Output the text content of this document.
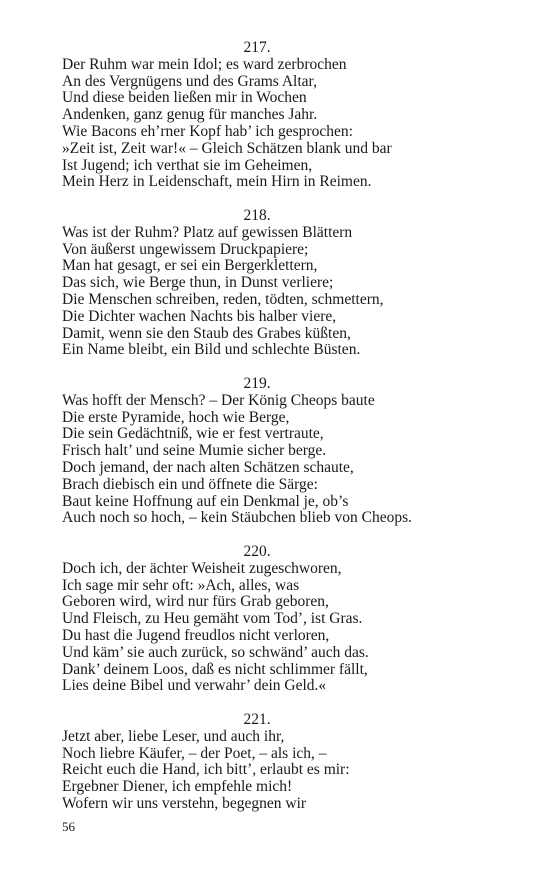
217.
Der Ruhm war mein Idol; es ward zerbrochen
An des Vergnügens und des Grams Altar,
Und diese beiden ließen mir in Wochen
Andenken, ganz genug für manches Jahr.
Wie Bacons eh’rner Kopf hab’ ich gesprochen:
»Zeit ist, Zeit war!« – Gleich Schätzen blank und bar
Ist Jugend; ich verthat sie im Geheimen,
Mein Herz in Leidenschaft, mein Hirn in Reimen.
218.
Was ist der Ruhm? Platz auf gewissen Blättern
Von äußerst ungewissem Druckpapiere;
Man hat gesagt, er sei ein Bergerklettern,
Das sich, wie Berge thun, in Dunst verliere;
Die Menschen schreiben, reden, tödten, schmettern,
Die Dichter wachen Nachts bis halber viere,
Damit, wenn sie den Staub des Grabes küßten,
Ein Name bleibt, ein Bild und schlechte Büsten.
219.
Was hofft der Mensch? – Der König Cheops baute
Die erste Pyramide, hoch wie Berge,
Die sein Gedächtniß, wie er fest vertraute,
Frisch halt’ und seine Mumie sicher berge.
Doch jemand, der nach alten Schätzen schaute,
Brach diebisch ein und öffnete die Särge:
Baut keine Hoffnung auf ein Denkmal je, ob’s
Auch noch so hoch, – kein Stäubchen blieb von Cheops.
220.
Doch ich, der ächter Weisheit zugeschworen,
Ich sage mir sehr oft: »Ach, alles, was
Geboren wird, wird nur fürs Grab geboren,
Und Fleisch, zu Heu gemäht vom Tod’, ist Gras.
Du hast die Jugend freudlos nicht verloren,
Und käm’ sie auch zurück, so schwänd’ auch das.
Dank’ deinem Loos, daß es nicht schlimmer fällt,
Lies deine Bibel und verwahr’ dein Geld.«
221.
Jetzt aber, liebe Leser, und auch ihr,
Noch liebre Käufer, – der Poet, – als ich, –
Reicht euch die Hand, ich bitt’, erlaubt es mir:
Ergebner Diener, ich empfehle mich!
Wofern wir uns verstehn, begegnen wir
56
